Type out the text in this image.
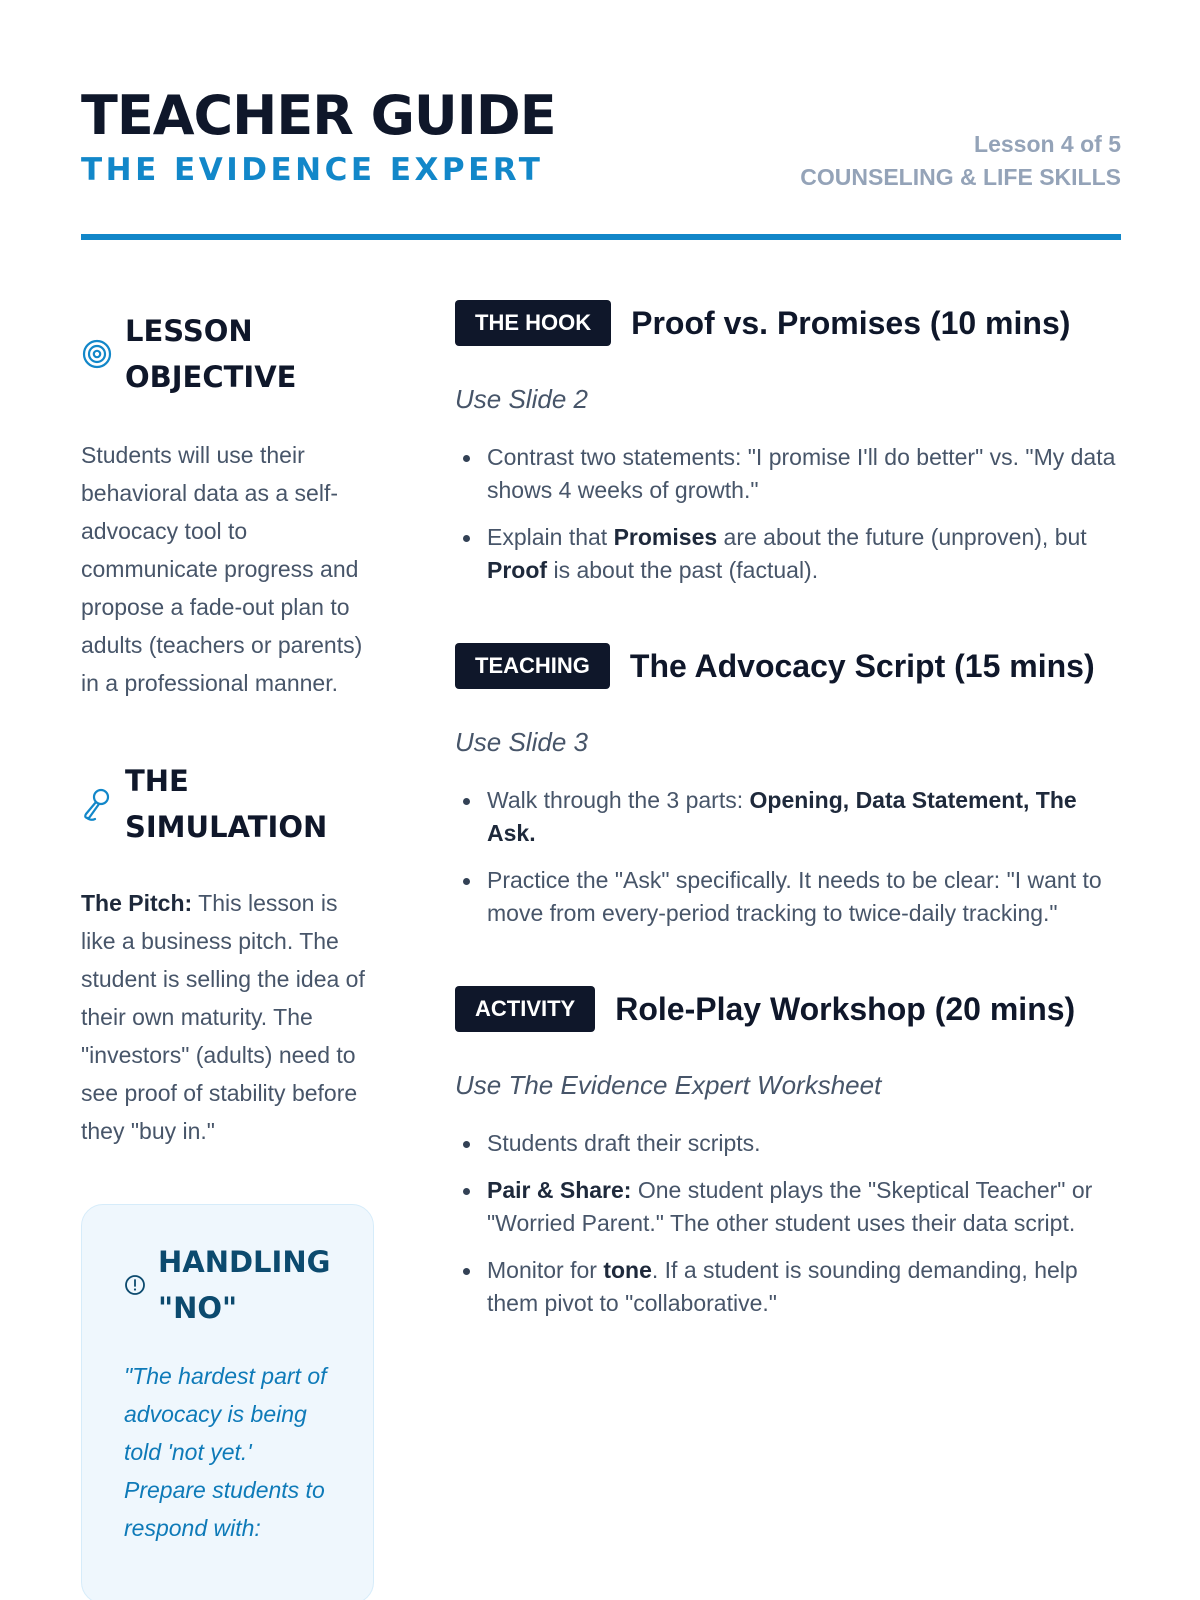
TEACHER GUIDE
THE EVIDENCE EXPERT
Lesson 4 of 5
COUNSELING & LIFE SKILLS
LESSON
OBJECTIVE

Students will use their behavioral data as a self-advocacy tool to communicate progress and propose a fade-out plan to adults (teachers or parents) in a professional manner.

THE
SIMULATION

The Pitch: This lesson is like a business pitch. The student is selling the idea of their own maturity. The "investors" (adults) need to see proof of stability before they "buy in."

HANDLING
"NO"

"The hardest part of advocacy is being told 'not yet.' Prepare students to respond with:

THE HOOK	Proof vs. Promises (10 mins)
Use Slide 2
Contrast two statements: "I promise I'll do better" vs. "My data shows 4 weeks of growth."
Explain that Promises are about the future (unproven), but Proof is about the past (factual).
TEACHING	The Advocacy Script (15 mins)
Use Slide 3
Walk through the 3 parts: Opening, Data Statement, The Ask.
Practice the "Ask" specifically. It needs to be clear: "I want to move from every-period tracking to twice-daily tracking."
ACTIVITY	Role-Play Workshop (20 mins)
Use The Evidence Expert Worksheet
Students draft their scripts.
Pair & Share: One student plays the "Skeptical Teacher" or "Worried Parent." The other student uses their data script.
Monitor for tone. If a student is sounding demanding, help them pivot to "collaborative."
